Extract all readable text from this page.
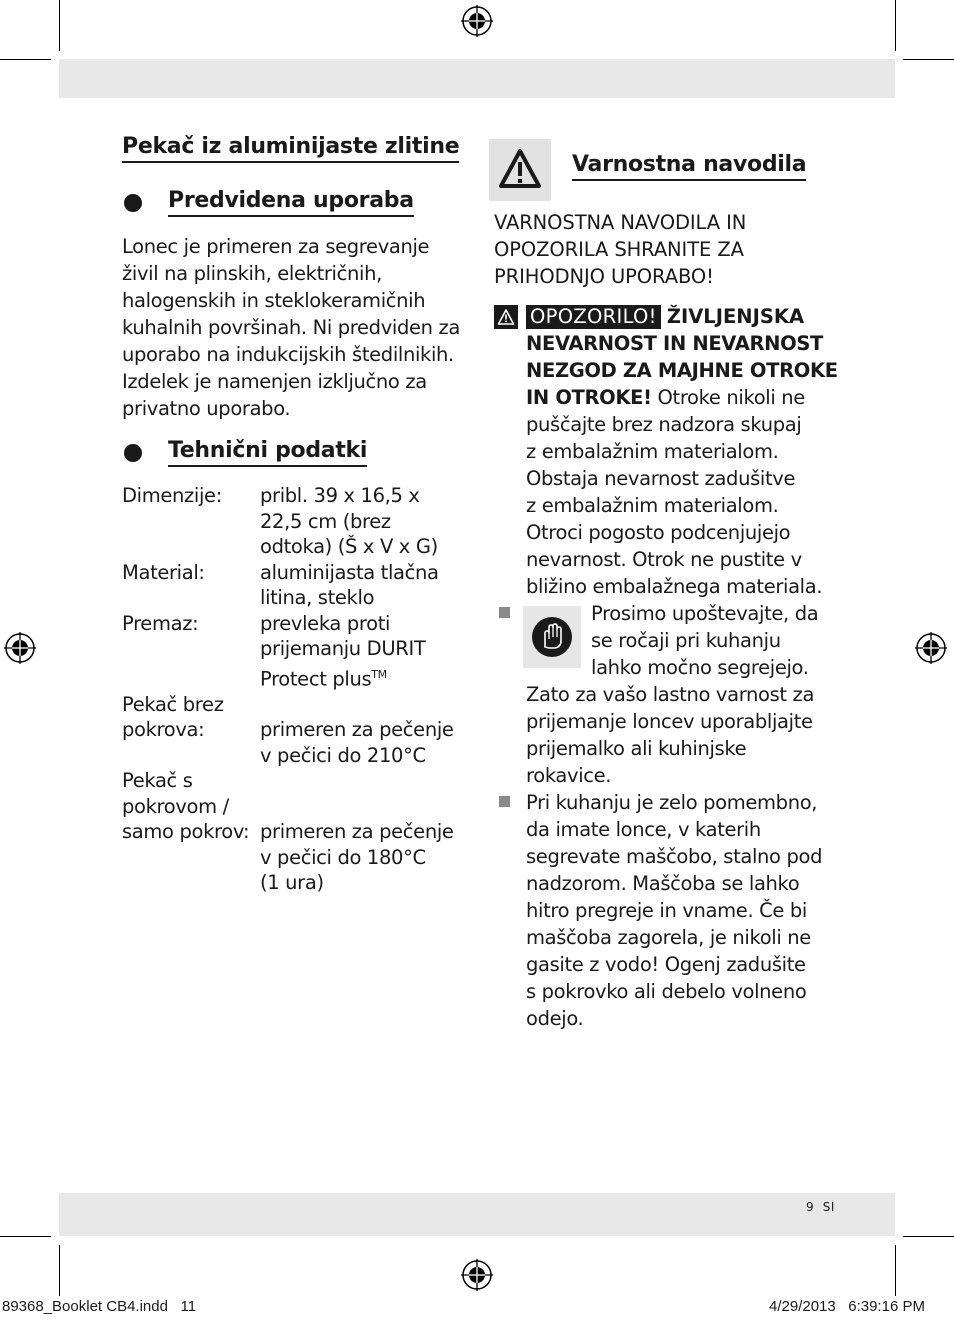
Pekač iz aluminijaste zlitine
Predvidena uporaba
Lonec je primeren za segrevanje
živil na plinskih, električnih,
halogenskih in steklokeramičnih
kuhalnih površinah. Ni predviden za
uporabo na indukcijskih štedilnikih.
Izdelek je namenjen izključno za
privatno uporabo.
Tehnični podatki
Dimenzije: pribl. 39 x 16,5 x
22,5 cm (brez
odtoka) (Š x V x G)
Material:	aluminijasta tlačna
litina, steklo
Premaz:	prevleka proti
prijemanju DURIT
Protect plus™
Pekač brez
pokrova:
	primeren za pečenje
v pečici do 210°C
Pekač s
pokrovom /
samo pokrov:

primeren za pečenje
v pečici do 180°C
(1 ura)
Varnostna navodila
VARNOSTNA NAVODILA IN
OPOZORILA SHRANITE ZA
PRIHODNJO UPORABO!
OPOZORILO! ŽIVLJENJSKA
NEVARNOST IN NEVARNOST
NEZGOD ZA MAJHNE OTROKE
IN OTROKE! Otroke nikoli ne
puščajte brez nadzora skupaj
z embalažnim materialom.
Obstaja nevarnost zadušitve
z embalažnim materialom.
Otroci pogosto podcenjujejo
nevarnost. Otrok ne pustite v
bližino embalažnega materiala.
Prosimo upoštevajte, da
se ročaji pri kuhanju
lahko močno segrejejo.
Zato za vašo lastno varnost za
prijemanje loncev uporabljajte
prijemalko ali kuhinjske
rokavice.
Pri kuhanju je zelo pomembno,
da imate lonce, v katerih
segrevate maščobo, stalno pod
nadzorom. Maščoba se lahko
hitro pregreje in vname. Če bi
maščoba zagorela, je nikoli ne
gasite z vodo! Ogenj zadušite
s pokrovko ali debelo volneno
odejo.
9  SI
89368_Booklet CB4.indd   11	4/29/2013   6:39:16 PM
